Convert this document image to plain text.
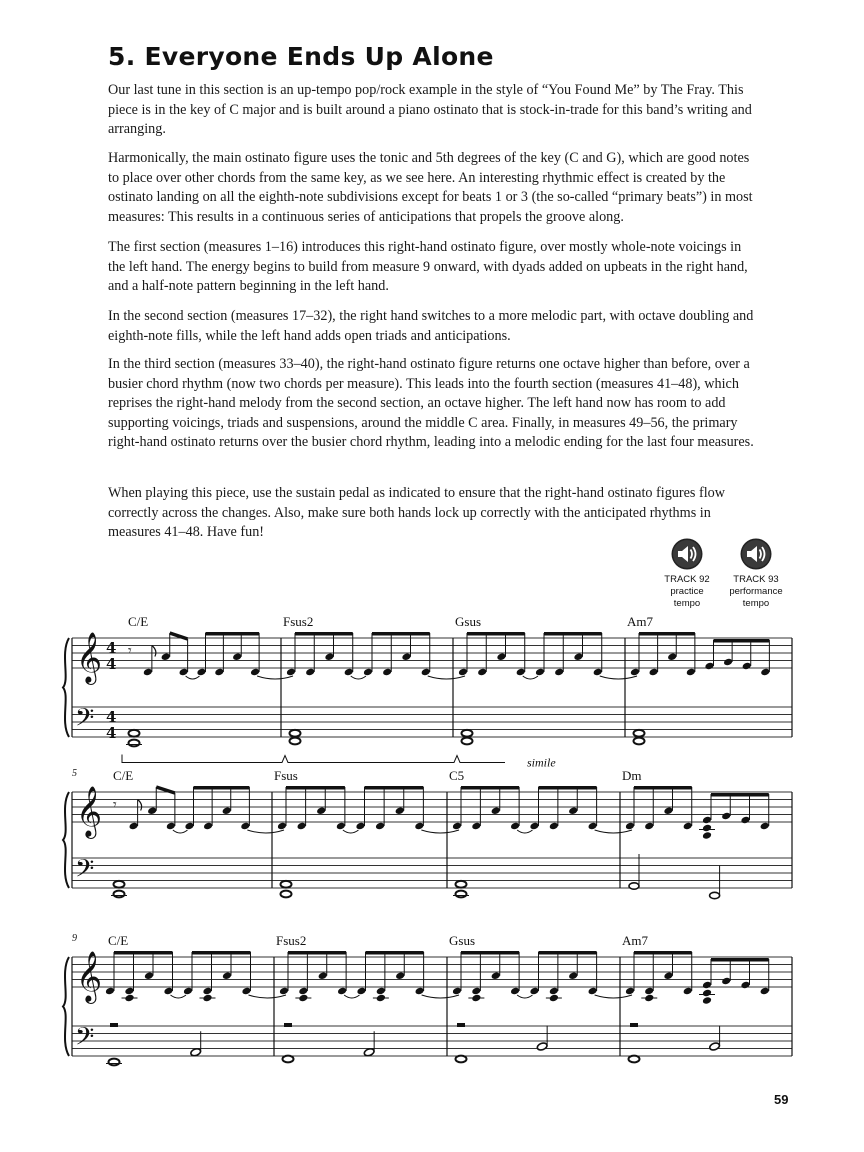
5. Everyone Ends Up Alone

Our last tune in this section is an up-tempo pop/rock example in the style of “You Found Me” by The Fray. This piece is in the key of C major and is built around a piano ostinato that is stock-in-trade for this band’s writing and arranging.

Harmonically, the main ostinato figure uses the tonic and 5th degrees of the key (C and G), which are good notes to place over other chords from the same key, as we see here. An interesting rhythmic effect is created by the ostinato landing on all the eighth-note subdivisions except for beats 1 or 3 (the so-called “primary beats”) in most measures: This results in a continuous series of anticipations that propels the groove along.

The first section (measures 1–16) introduces this right-hand ostinato figure, over mostly whole-note voicings in the left hand. The energy begins to build from measure 9 onward, with dyads added on upbeats in the right hand, and a half-note pattern beginning in the left hand.

In the second section (measures 17–32), the right hand switches to a more melodic part, with octave doubling and eighth-note fills, while the left hand adds open triads and anticipations.

In the third section (measures 33–40), the right-hand ostinato figure returns one octave higher than before, over a busier chord rhythm (now two chords per measure). This leads into the fourth section (measures 41–48), which reprises the right-hand melody from the second section, an octave higher. The left hand now has room to add supporting voicings, triads and suspensions, around the middle C area. Finally, in measures 49–56, the primary right-hand ostinato returns over the busier chord rhythm, leading into a melodic ending for the last four measures.

When playing this piece, use the sustain pedal as indicated to ensure that the right-hand ostinato figures flow correctly across the changes. Also, make sure both hands lock up correctly with the anticipated rhythms in measures 41–48. Have fun!

TRACK 92
practice
tempo
TRACK 93
performance
tempo
𝄞
𝄢
4
4
4
4
C/E
𝄾
Fsus2	Gsus	Am7
simile
𝄞
𝄢
5	C/E
𝄾
Fsus	C5	Dm
𝄞
𝄢
9 C/E	Fsus2	Gsus	Am7
59
